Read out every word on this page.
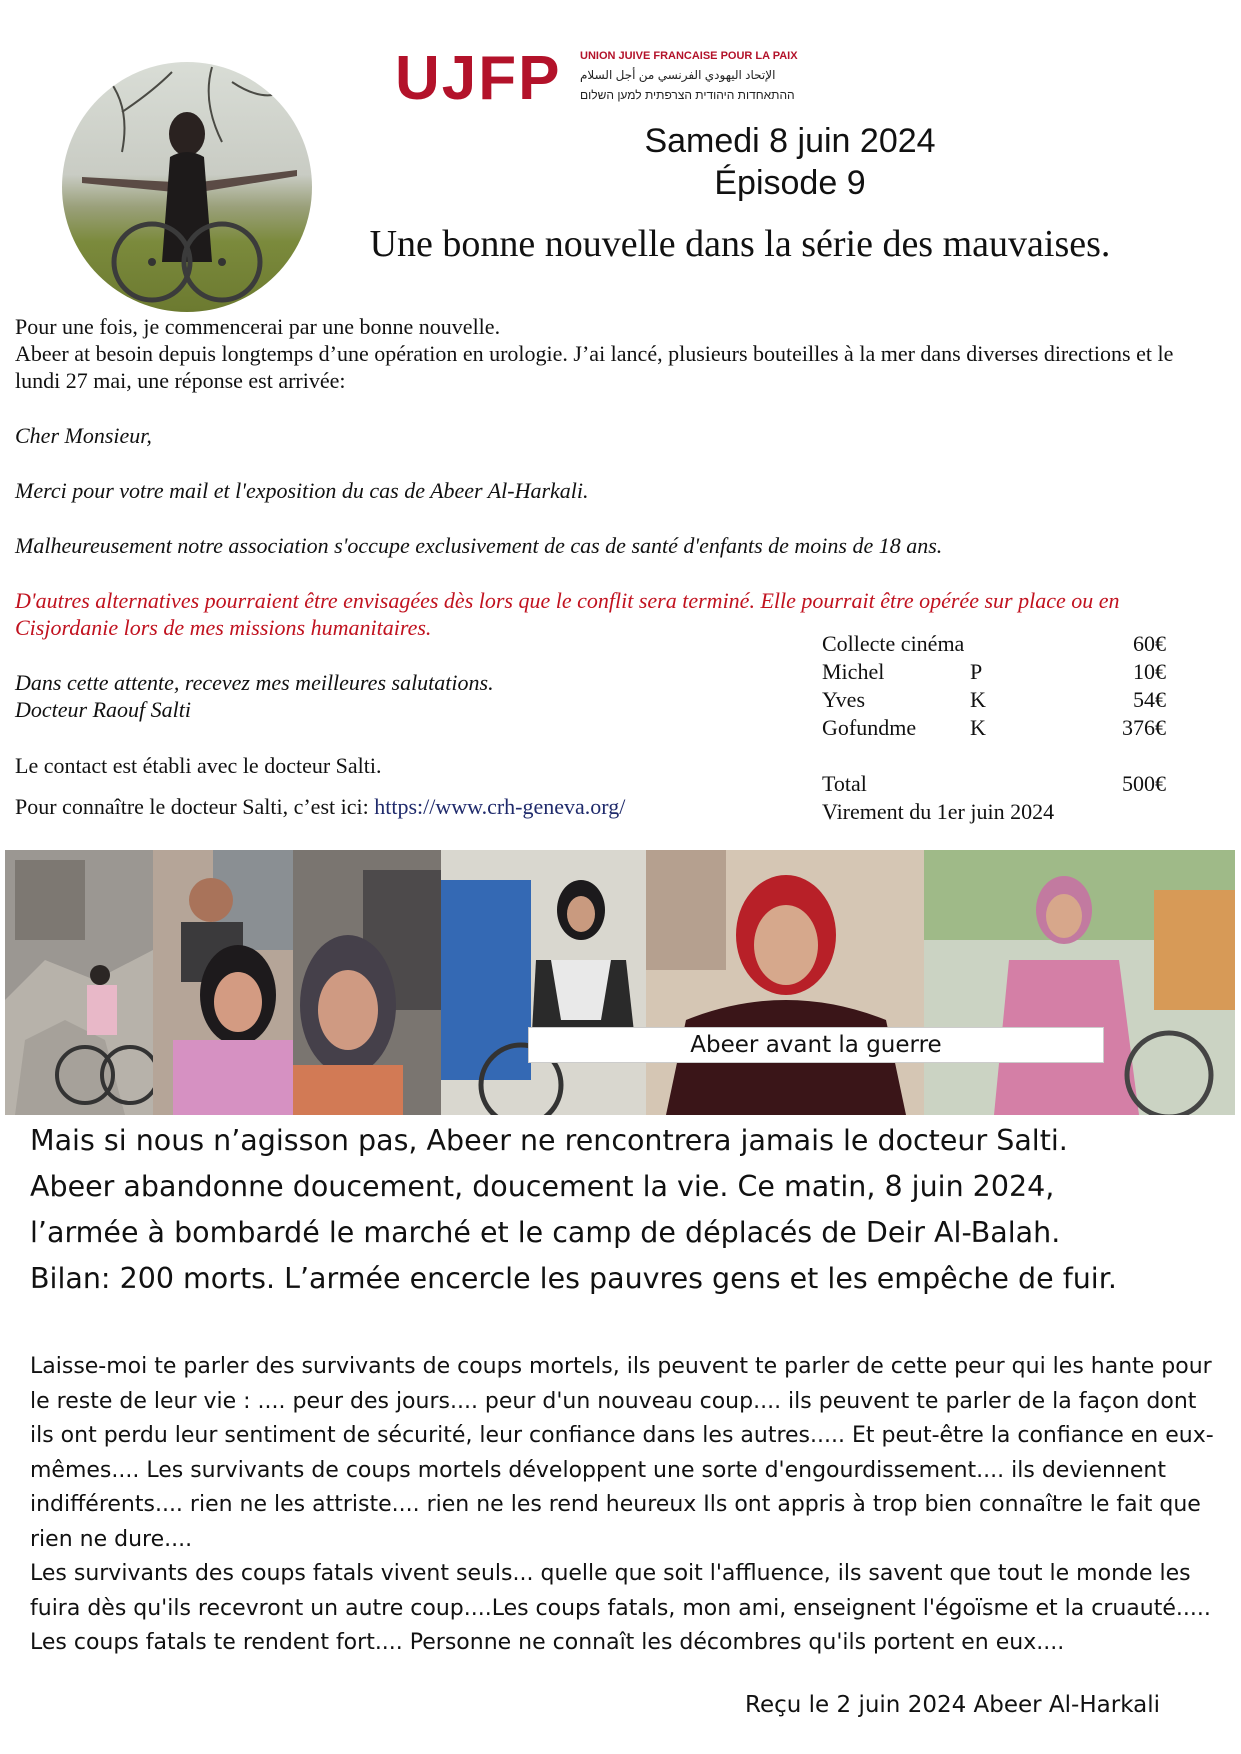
UJFP UNION JUIVE FRANCAISE POUR LA PAIX
الإتحاد اليهودي الفرنسي من أجل السلام
ההתאחדות היהודית הצרפתית למען השלום
Samedi 8 juin 2024
Épisode 9
Une bonne nouvelle dans la série des mauvaises.
Pour une fois, je commencerai par une bonne nouvelle.
Abeer at besoin depuis longtemps d’une opération en urologie. J’ai lancé, plusieurs bouteilles à la mer dans diverses directions et le lundi 27 mai, une réponse est arrivée:
Cher Monsieur,
Merci pour votre mail et l'exposition du cas de Abeer Al-Harkali.
Malheureusement notre association s'occupe exclusivement de cas de santé d'enfants de moins de 18 ans.
D'autres alternatives pourraient être envisagées dès lors que le conflit sera terminé. Elle pourrait être opérée sur place ou en Cisjordanie lors de mes missions humanitaires.
Dans cette attente, recevez mes meilleures salutations.
Docteur Raouf Salti
Le contact est établi avec le docteur Salti.
Pour connaître le docteur Salti, c’est ici: https://www.crh-geneva.org/
Collecte cinéma	60€
Michel	P	10€
Yves	K	54€
Gofundme K	376€
Total	500€
Virement du 1er juin 2024
Abeer avant la guerre
Mais si nous n’agisson pas, Abeer ne rencontrera jamais le docteur Salti.
Abeer abandonne doucement, doucement la vie. Ce matin, 8 juin 2024,
l’armée à bombardé le marché et le camp de déplacés de Deir Al-Balah.
Bilan: 200 morts. L’armée encercle les pauvres gens et les empêche de fuir.
Laisse-moi te parler des survivants de coups mortels, ils peuvent te parler de cette peur qui les hante pour le reste de leur vie : .... peur des jours.... peur d'un nouveau coup.... ils peuvent te parler de la façon dont ils ont perdu leur sentiment de sécurité, leur confiance dans les autres..... Et peut-être la confiance en eux-mêmes.... Les survivants de coups mortels développent une sorte d'engourdissement.... ils deviennent indifférents.... rien ne les attriste.... rien ne les rend heureux Ils ont appris à trop bien connaître le fait que rien ne dure....
Les survivants des coups fatals vivent seuls... quelle que soit l'affluence, ils savent que tout le monde les fuira dès qu'ils recevront un autre coup....Les coups fatals, mon ami, enseignent l'égoïsme et la cruauté..... Les coups fatals te rendent fort.... Personne ne connaît les décombres qu'ils portent en eux....
Reçu le 2 juin 2024 Abeer Al-Harkali
